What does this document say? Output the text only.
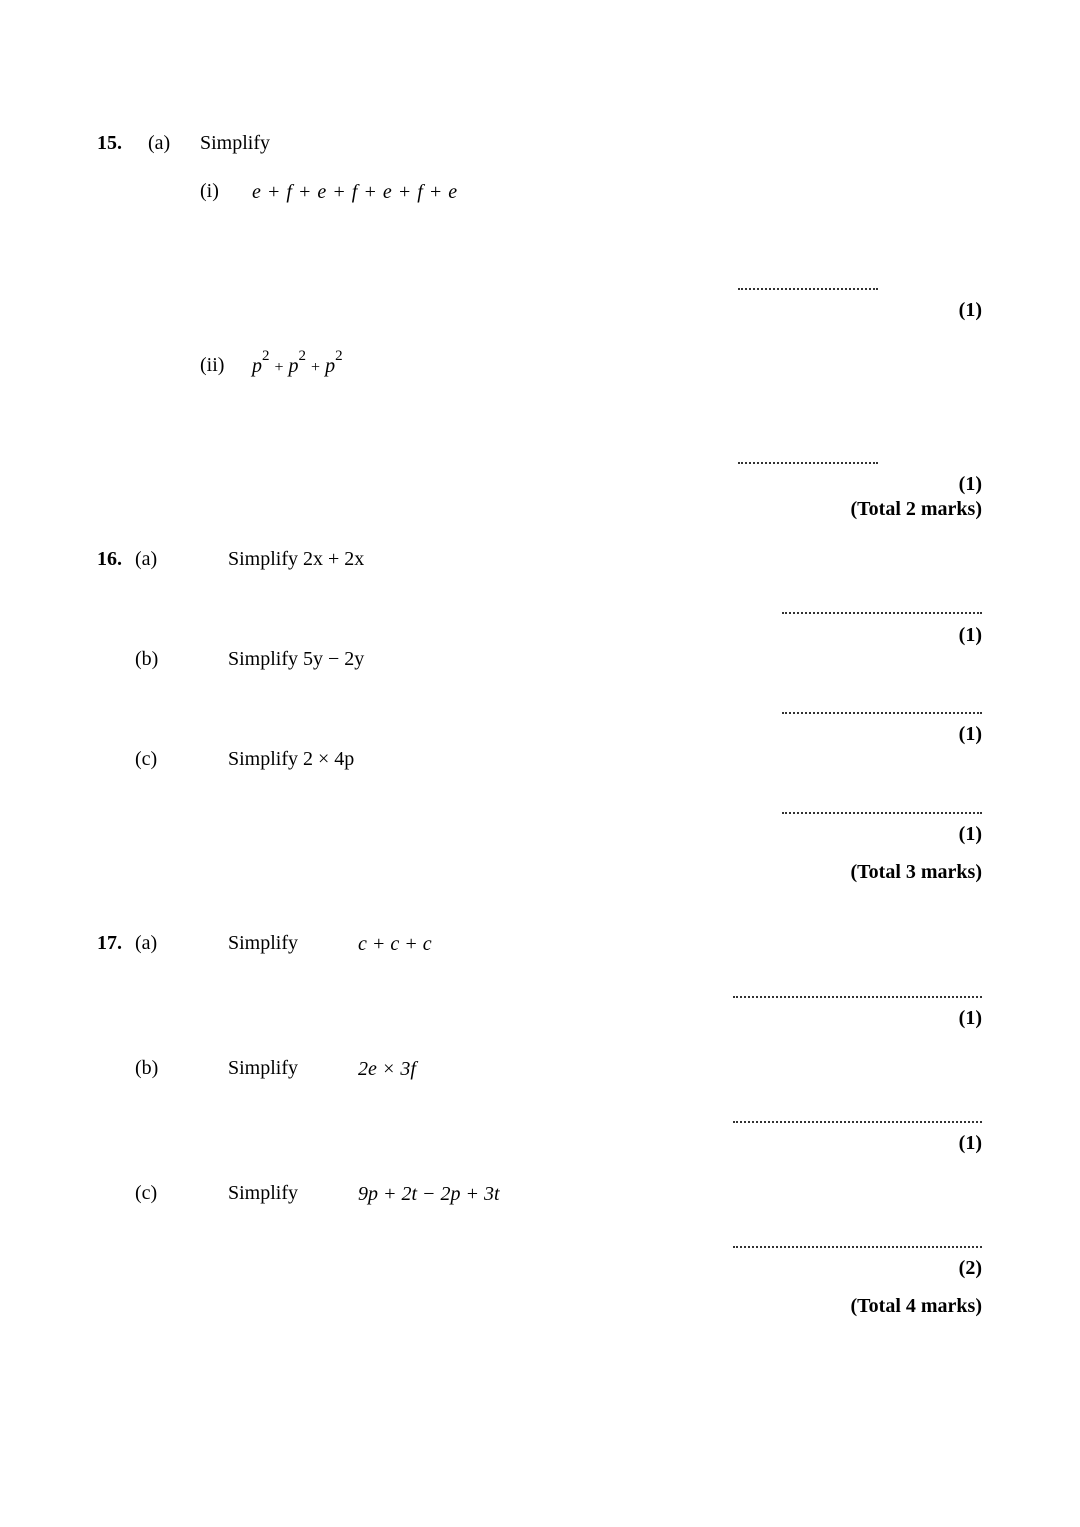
15. (a) Simplify
(i) e + f + e + f + e + f + e
(1)
(ii) $p^2 + p^2 + p^2$
(1)
(Total 2 marks)
16. (a)	Simplify 2x + 2x
(1)
(b)	Simplify 5y − 2y
(1)
(c)	Simplify 2 × 4p
(1)
(Total 3 marks)
17. (a)	Simplify	c + c + c
(1)
(b)	Simplify	2e × 3f
(1)
(c)	Simplify	9p + 2t − 2p + 3t
(2)
(Total 4 marks)
